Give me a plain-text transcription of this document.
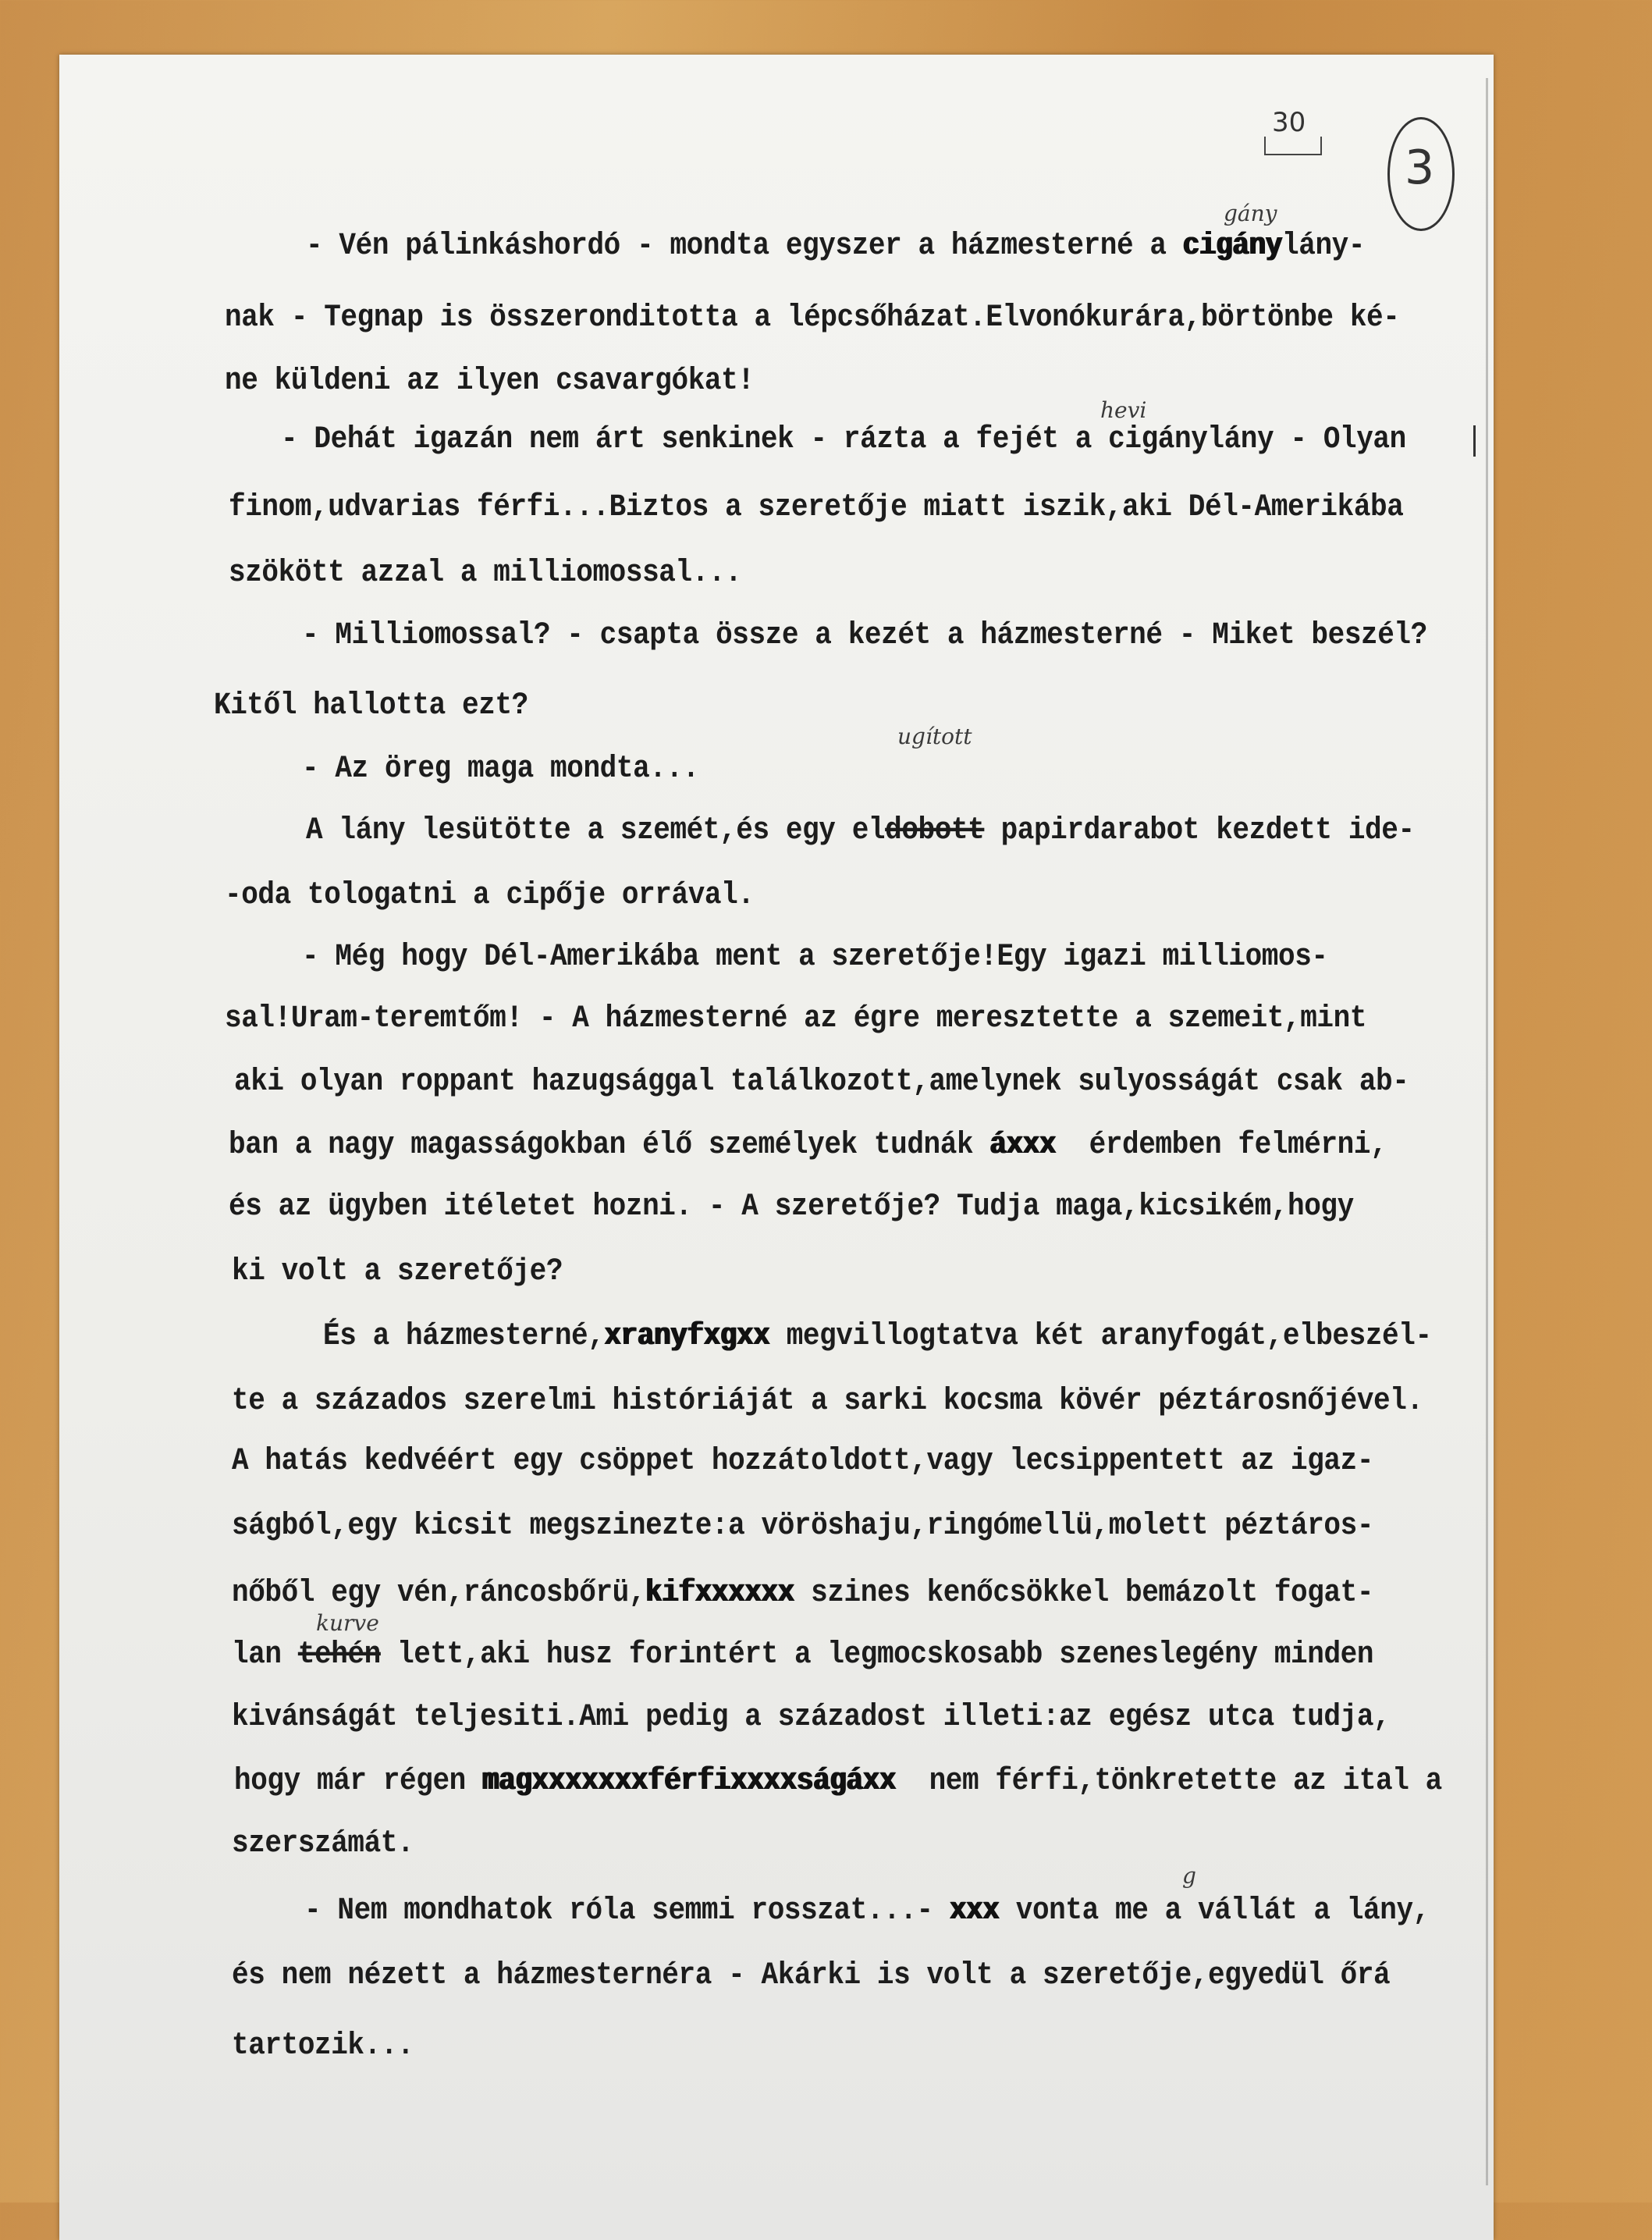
30
3
gány
hevi
ugított
kurve
g
- Vén pálinkáshordó - mondta egyszer a házmesterné a cigánylány-
nak - Tegnap is összeronditotta a lépcsőházat.Elvonókurára,börtönbe ké-
ne küldeni az ilyen csavargókat!
- Dehát igazán nem árt senkinek - rázta a fejét a cigánylány - Olyan
finom,udvarias férfi...Biztos a szeretője miatt iszik,aki Dél-Amerikába
szökött azzal a milliomossal...
- Milliomossal? - csapta össze a kezét a házmesterné - Miket beszél?
Kitől hallotta ezt?
- Az öreg maga mondta...
A lány lesütötte a szemét,és egy eldobott papirdarabot kezdett ide-
-oda tologatni a cipője orrával.
- Még hogy Dél-Amerikába ment a szeretője!Egy igazi milliomos-
sal!Uram-teremtőm! - A házmesterné az égre meresztette a szemeit,mint
aki olyan roppant hazugsággal találkozott,amelynek sulyosságát csak ab-
ban a nagy magasságokban élő személyek tudnák áxxx  érdemben felmérni,
és az ügyben itéletet hozni. - A szeretője? Tudja maga,kicsikém,hogy
ki volt a szeretője?
És a házmesterné,xranyfxgxx megvillogtatva két aranyfogát,elbeszél-
te a százados szerelmi históriáját a sarki kocsma kövér péztárosnőjével.
A hatás kedvéért egy csöppet hozzátoldott,vagy lecsippentett az igaz-
ságból,egy kicsit megszinezte:a vöröshaju,ringómellü,molett péztáros-
nőből egy vén,ráncosbőrü,kifxxxxxx szines kenőcsökkel bemázolt fogat-
lan tehén lett,aki husz forintért a legmocskosabb szeneslegény minden
kivánságát teljesiti.Ami pedig a századost illeti:az egész utca tudja,
hogy már régen magxxxxxxxférfixxxxságáxx  nem férfi,tönkretette az ital a
szerszámát.
- Nem mondhatok róla semmi rosszat...- xxx vonta me a vállát a lány,
és nem nézett a házmesternéra - Akárki is volt a szeretője,egyedül őrá
tartozik...
